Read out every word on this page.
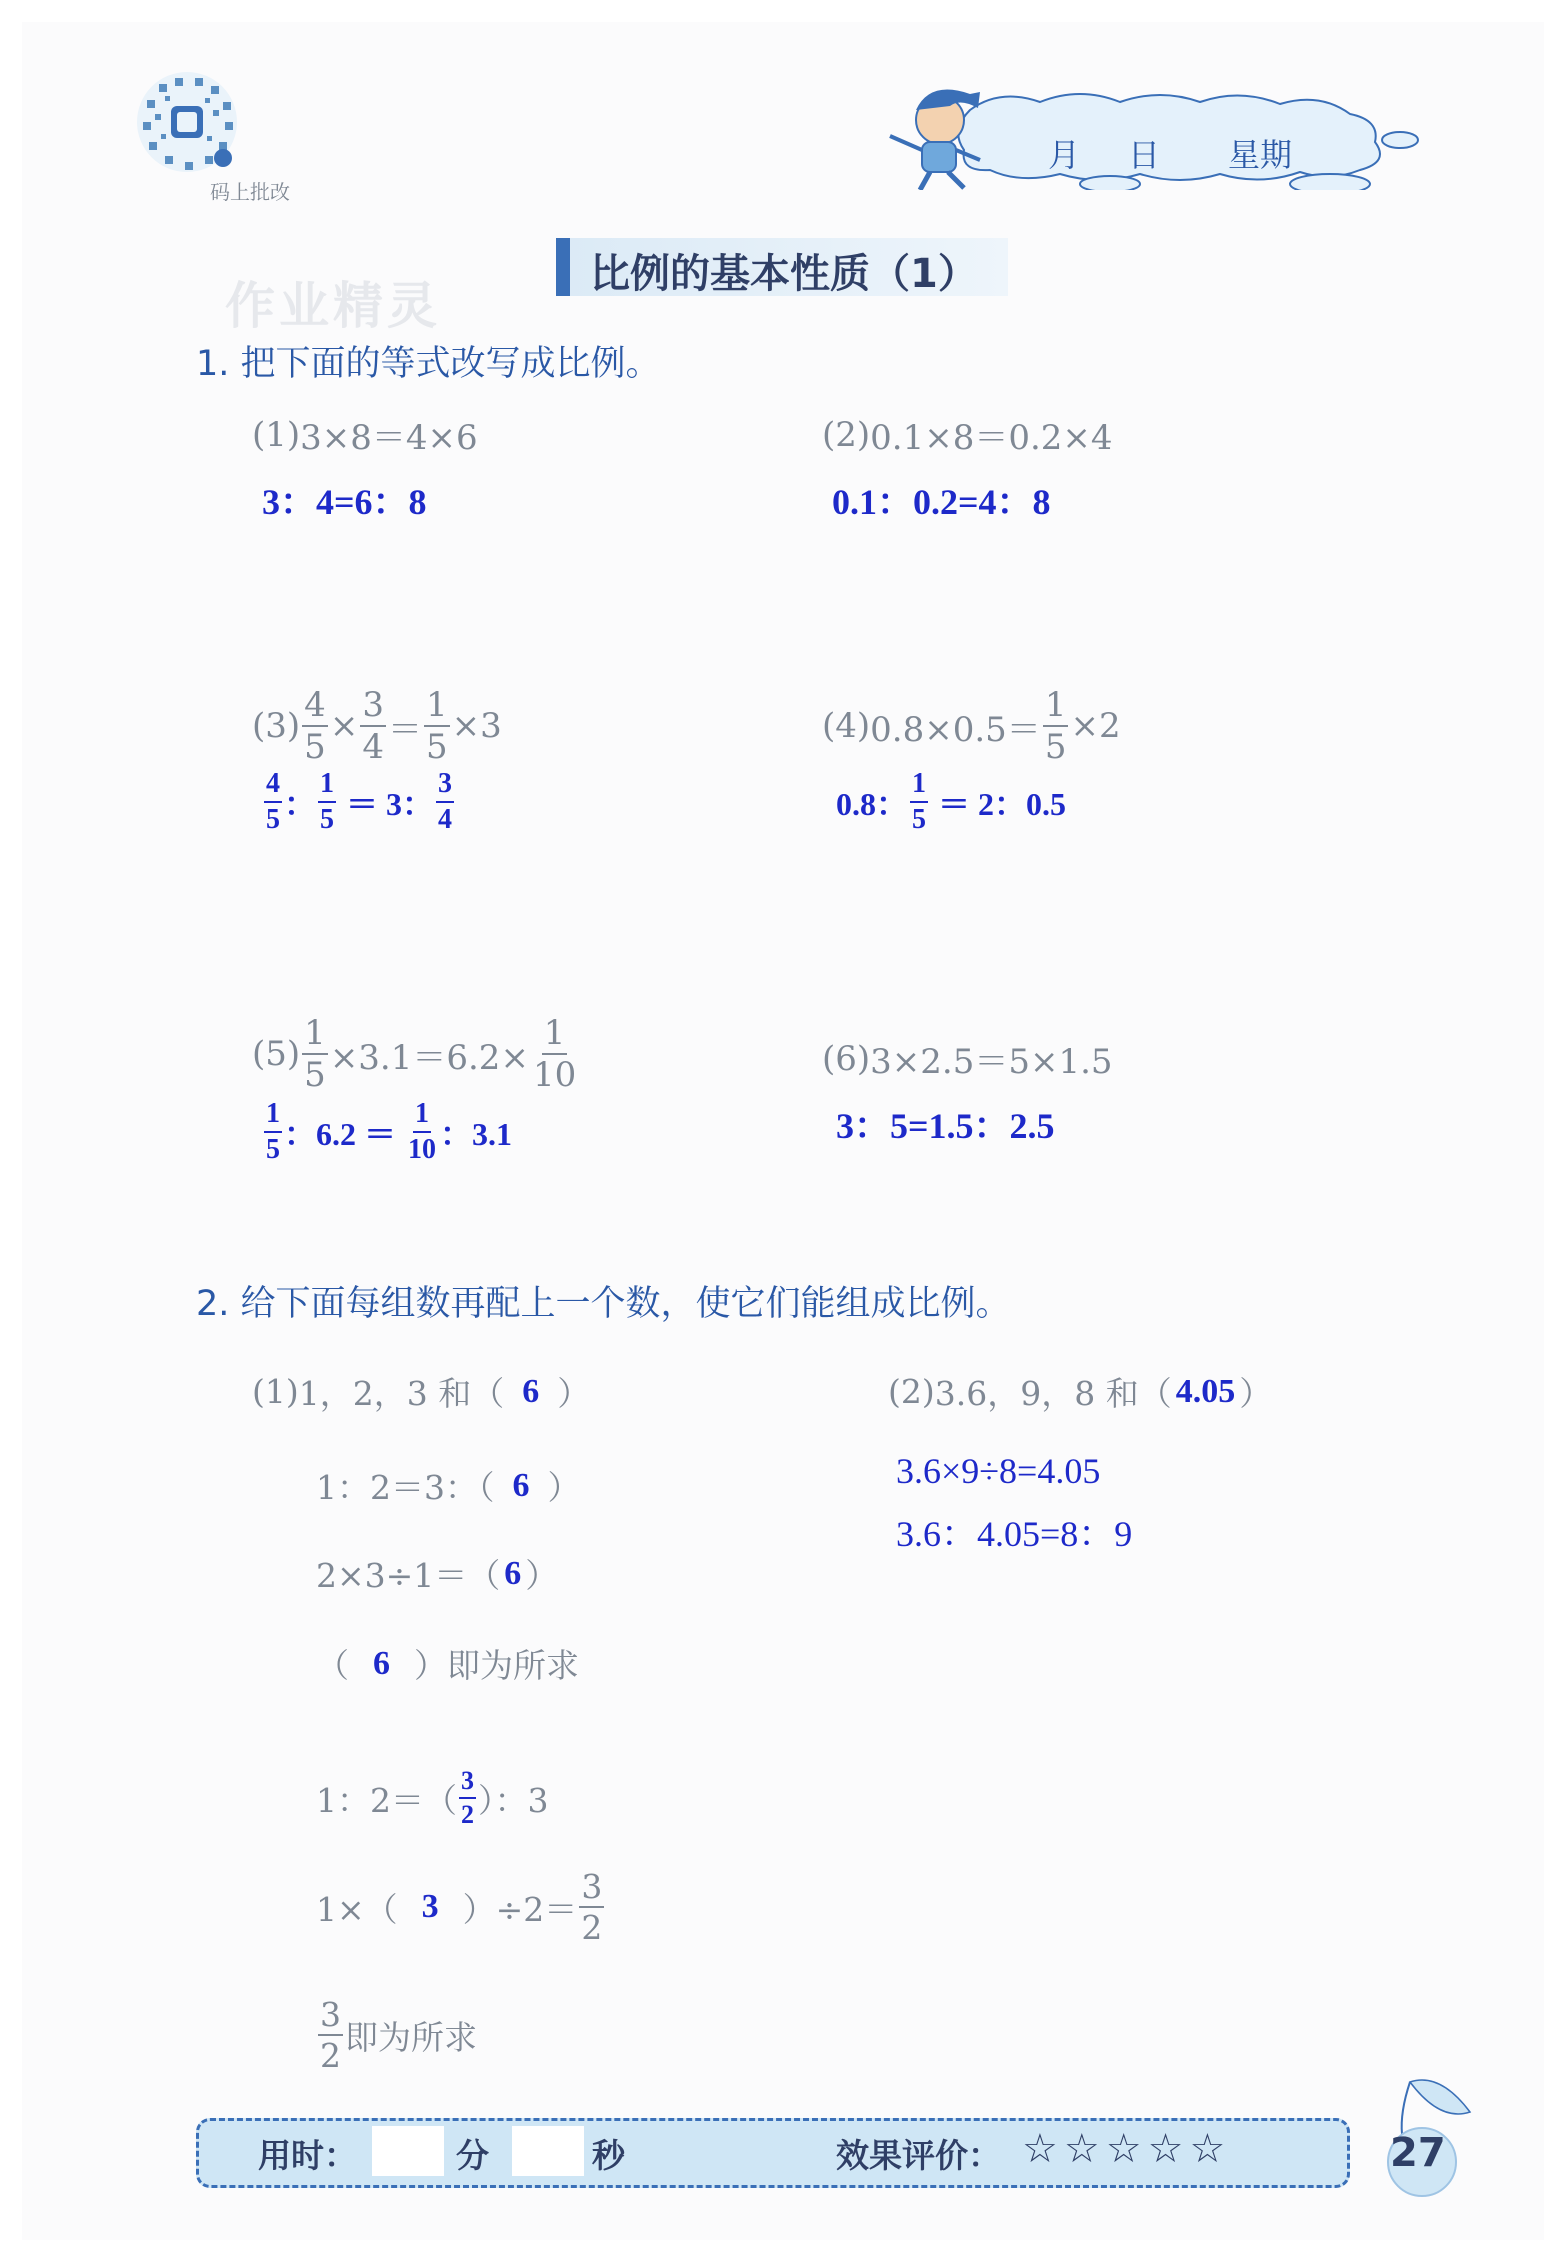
码上批改
作业精灵
月 日 星期
比例的基本性质（1）
1. 把下面的等式改写成比例。
(1) 3×8＝4×6
3：4=6：8
(2) 0.1×8＝0.2×4
0.1：0.2=4：8
$(3) \frac{4}{5} \times \frac{3}{4} = \frac{1}{5} \times 3$
$\frac{4}{5}$ ： $\frac{1}{5} = 3$： $\frac{3}{4}$
(4) $0.8\times 0.5= \frac{1}{5} \times 2$
0.8： $\frac{1}{5} = 2$：0.5
$(5) \frac{1}{5} \times 3.1=6.2\times \frac{1}{10}$
$\frac{1}{5}$ ：$6.2 = \frac{1}{10}$ ：3.1
(6) 3×2.5＝5×1.5
3：5=1.5：2.5
2. 给下面每组数再配上一个数，使它们能组成比例。
(1) 1，2，3 和（ 6 ）
1：2＝3：（ 6 ）
2×3÷1＝（ 6 ）
（ 6 ）即为所求
1：$2=( \frac{3}{2}$ ）：3
1×（ 3 ）$\div 2= \frac{3}{2}$
$\frac{3}{2}$ 即为所求
(2) 3.6，9，8 和（ 4.05 ）
3.6×9÷8=4.05
3.6：4.05=8：9
用时：	分	秒	效果评价： ☆☆☆☆☆	27
